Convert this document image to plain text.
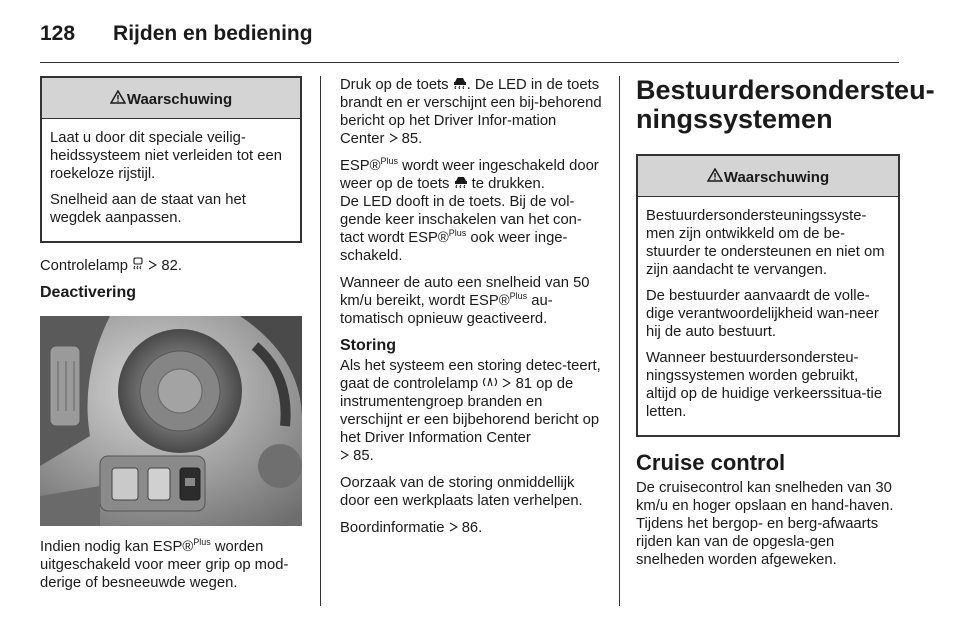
128 Rijden en bediening
Waarschuwing

Laat u door dit speciale veilig-heidssysteem niet verleiden tot een roekeloze rijstijl.

Snelheid aan de staat van het wegdek aanpassen.

Controlelamp 82.

Deactivering

Indien nodig kan ESP®$^{Plus}$ worden uitgeschakeld voor meer grip op mod-derige of besneeuwde wegen.

Druk op de toets . De LED in de toets brandt en er verschijnt een bij-behorend bericht op het Driver Infor-mation Center 85.

ESP®$^{Plus}$ wordt weer ingeschakeld door weer op de toets  te drukken.
De LED dooft in de toets. Bij de vol-gende keer inschakelen van het con-tact wordt ESP®$^{Plus}$ ook weer inge-schakeld.

Wanneer de auto een snelheid van 50 km/u bereikt, wordt ESP®$^{Plus}$ au-tomatisch opnieuw geactiveerd.

Storing

Als het systeem een storing detec-teert, gaat de controlelamp	81 op de instrumentengroep branden en verschijnt er een bijbehorend bericht op het Driver Information Center
85.

Oorzaak van de storing onmiddellijk door een werkplaats laten verhelpen.

Boordinformatie 86.

Bestuurdersondersteu-ningssystemen
Waarschuwing

Bestuurdersondersteuningssyste-men zijn ontwikkeld om de be-stuurder te ondersteunen en niet om zijn aandacht te vervangen.

De bestuurder aanvaardt de volle-dige verantwoordelijkheid wan-neer hij de auto bestuurt.

Wanneer bestuurdersondersteu-ningssystemen worden gebruikt, altijd op de huidige verkeerssitua-tie letten.

Cruise control

De cruisecontrol kan snelheden van 30 km/u en hoger opslaan en hand-haven. Tijdens het bergop- en berg-afwaarts rijden kan van de opgesla-gen snelheden worden afgeweken.
